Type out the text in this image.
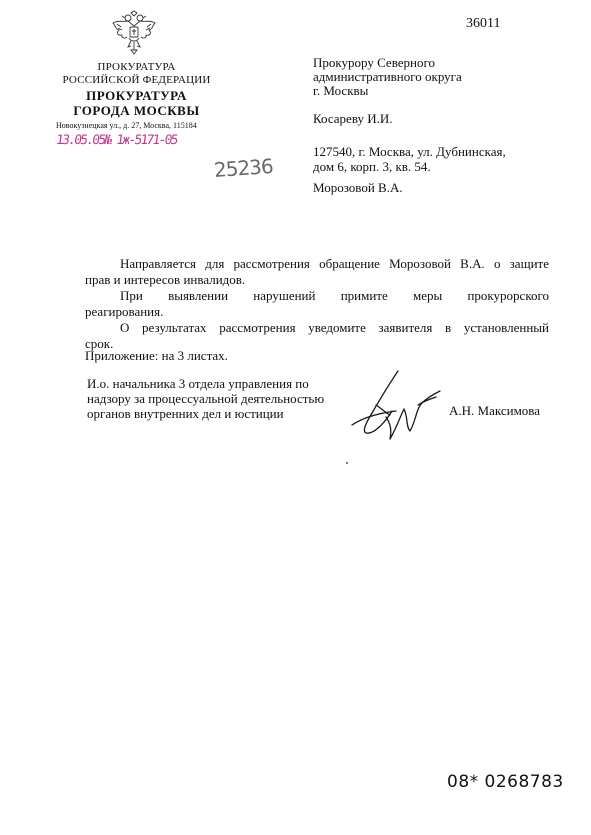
ПРОКУРАТУРА
РОССИЙСКОЙ ФЕДЕРАЦИИ
ПРОКУРАТУРА
ГОРОДА МОСКВЫ
Новокузнецкая ул., д. 27, Москва, 115184
13.05.05№ 1ж-5171-05
25236
36011
Прокурору Северного
административного округа
г. Москвы
Косареву И.И.
127540, г. Москва, ул. Дубнинская,
дом 6, корп. 3, кв. 54.
Морозовой В.А.
Направляется для рассмотрения обращение Морозовой В.А. о защите
прав и интересов инвалидов.
При выявлении нарушений примите меры прокурорского
реагирования.
О результатах рассмотрения уведомите заявителя в установленный
срок.
Приложение: на 3 листах.
И.о. начальника 3 отдела управления по
надзору за процессуальной деятельностью
органов внутренних дел и юстиции	А.Н. Максимова
08* 0268783
